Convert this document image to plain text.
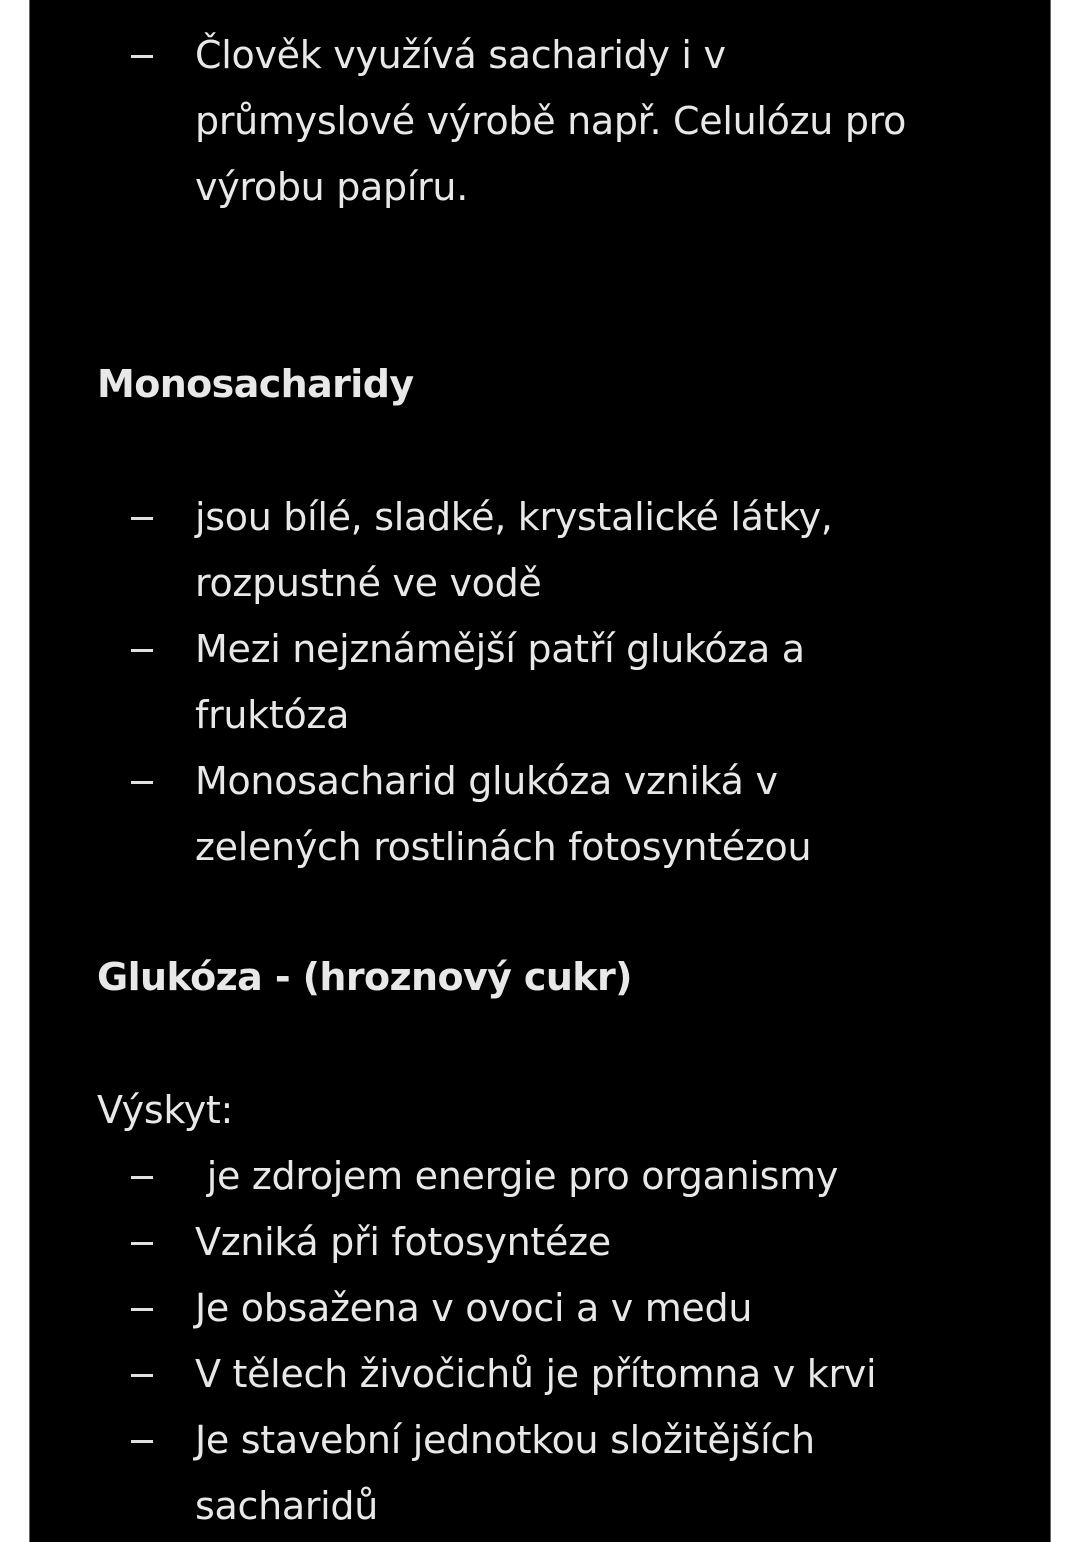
Člověk využívá sacharidy i v
průmyslové výrobě např. Celulózu pro
výrobu papíru.
Monosacharidy
jsou bílé, sladké, krystalické látky,
rozpustné ve vodě
Mezi nejznámější patří glukóza a
fruktóza
Monosacharid glukóza vzniká v
zelených rostlinách fotosyntézou
Glukóza - (hroznový cukr)
Výskyt:
je zdrojem energie pro organismy
Vzniká při fotosyntéze
Je obsažena v ovoci a v medu
V tělech živočichů je přítomna v krvi
Je stavební jednotkou složitějších
sacharidů
